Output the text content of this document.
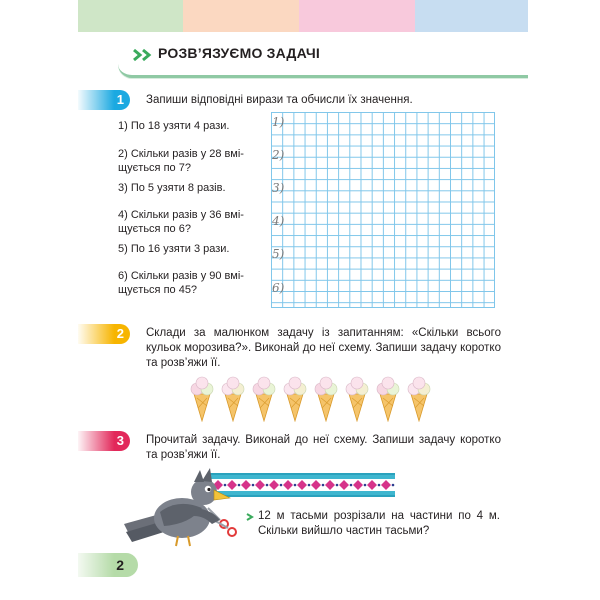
РОЗВ’ЯЗУЄМО ЗАДАЧІ
1 Запиши відповідні вирази та обчисли їх значення.
1) По 18 узяти 4 рази.
2) Скільки разів у 28 вмі-
щується по 7?
3) По 5 узяти 8 разів.
4) Скільки разів у 36 вмі-
щується по 6?
5) По 16 узяти 3 рази.
6) Скільки разів у 90 вмі-
щується по 45?
1)
2)
3)
4)
5)
6)
2 Склади за малюнком задачу із запитанням: «Скільки всього кульок морозива?». Виконай до неї схему. Запиши задачу коротко та розв’яжи її.
3 Прочитай задачу. Виконай до неї схему. Запиши задачу коротко та розв’яжи її.
12 м тасьми розрізали на частини по 4 м. Скільки вийшло частин тасьми?
2
